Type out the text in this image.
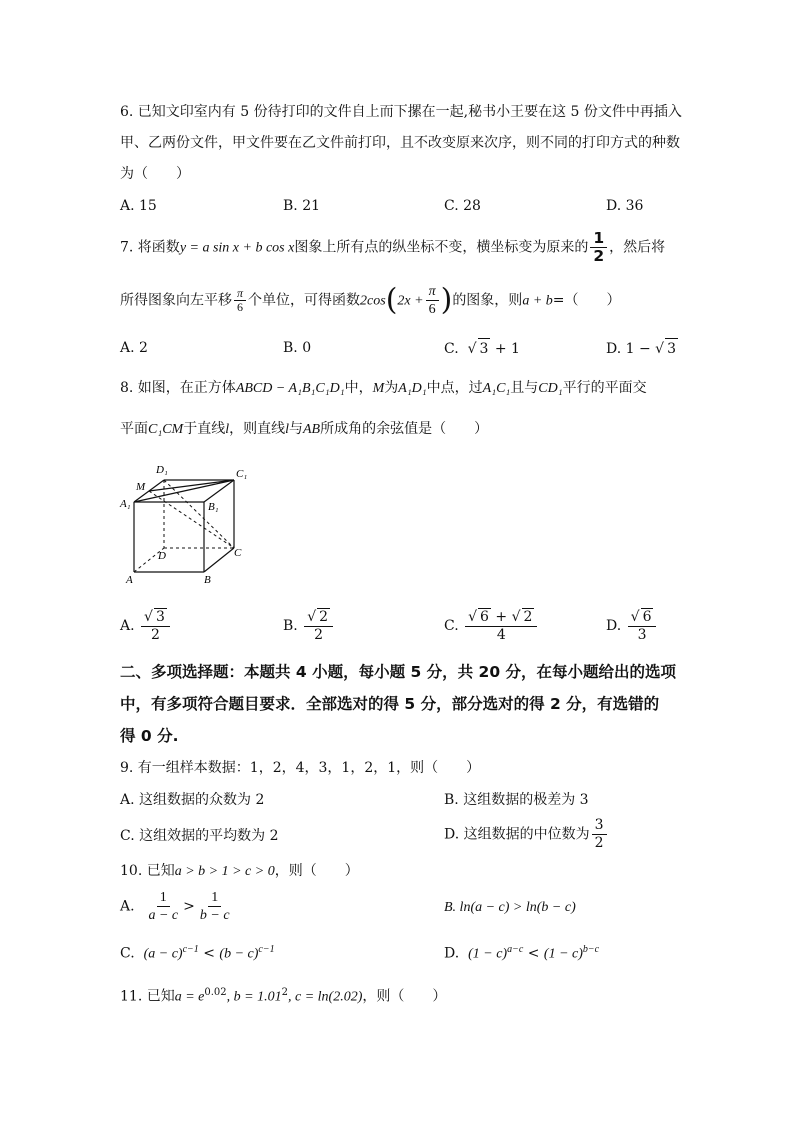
6. 已知文印室内有 5 份待打印的文件自上而下摞在一起,秘书小王要在这 5 份文件中再插入
甲、乙两份文件，甲文件要在乙文件前打印，且不改变原来次序，则不同的打印方式的种数
为（　　）
A. 15	B. 21	C. 28	D. 36
7. 将函数y = a sin x + b cos x图象上所有点的纵坐标不变，横坐标变为原来的 $\frac{1}{2}$ ，然后将
所得图象向左平移 $\frac{\pi}{6}$ 个单位，可得函数$2\cos(2x + \frac{\pi}{6}$ )的图象，则a + b=（　　）
A. 2	B. 0	C. √ 3 + 1	D. 1 − √ 3
8. 如图，在正方体ABCD − A₁B₁C₁D₁中，M为A₁D₁中点，过A₁C₁且与CD₁平行的平面交
平面C₁CM于直线l，则直线l与AB所成角的余弦值是（　　）
D₁	C₁
M
A₁	B₁
D	C
A	B
A. $\frac{√ 3}{2}$	B. $\frac{√ 2}{2}$	C. $\frac{√ 6 + √ 2}{4}$	D. $\frac{√ 6}{3}$
二、多项选择题：本题共 4 小题，每小题 5 分，共 20 分，在每小题给出的选项
中，有多项符合题目要求．全部选对的得 5 分，部分选对的得 2 分，有选错的
得 0 分.
9. 有一组样本数据：1，2，4，3，1，2，1，则（　　）
A. 这组数据的众数为 2	B. 这组数据的极差为 3
C. 这组效据的平均数为 2	D. 这组数据的中位数为 $\frac{3}{2}$
10. 已知a > b > 1 > c > 0，则（　　）
A. $\frac{1}{a - c} > \frac{1}{b - c}$	B. ln(a − c) > ln(b − c)
C. $(a - c)^{c-1} < (b - c)^{c-1}$	D. $(1 - c)^{a-c} < (1 - c)^{b-c}$
11. 已知$a = e^{0.02}$, $b = 1.01^2$, c = ln(2.02)，则（　　）
